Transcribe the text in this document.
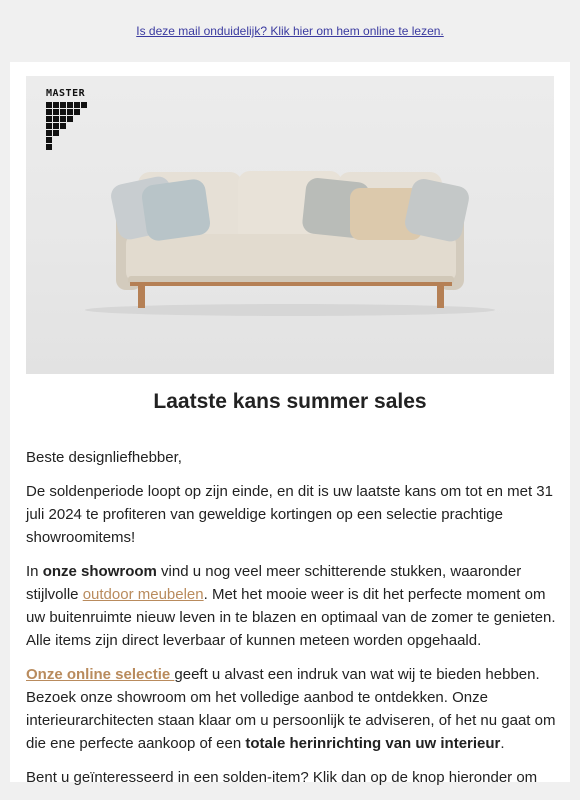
Is deze mail onduidelijk? Klik hier om hem online te lezen.
MASTER
Laatste kans summer sales

Beste designliefhebber,

De soldenperiode loopt op zijn einde, en dit is uw laatste kans om tot en met 31 juli 2024 te profiteren van geweldige kortingen op een selectie prachtige showroomitems!

In onze showroom vind u nog veel meer schitterende stukken, waaronder stijlvolle outdoor meubelen. Met het mooie weer is dit het perfecte moment om uw buitenruimte nieuw leven in te blazen en optimaal van de zomer te genieten. Alle items zijn direct leverbaar of kunnen meteen worden opgehaald.

Onze online selectie geeft u alvast een indruk van wat wij te bieden hebben. Bezoek onze showroom om het volledige aanbod te ontdekken. Onze interieurarchitecten staan klaar om u persoonlijk te adviseren, of het nu gaat om die ene perfecte aankoop of een totale herinrichting van uw interieur.

Bent u geïnteresseerd in een solden-item? Klik dan op de knop hieronder om
